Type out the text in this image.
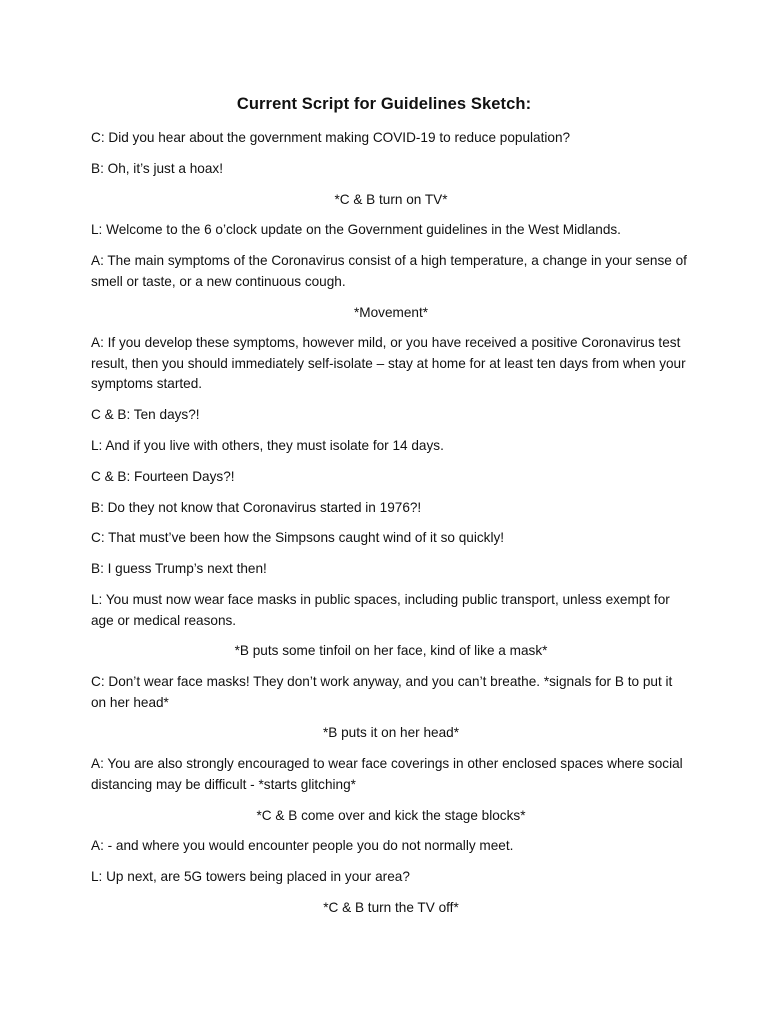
Current Script for Guidelines Sketch:

C: Did you hear about the government making COVID-19 to reduce population?

B: Oh, it’s just a hoax!

*C & B turn on TV*

L: Welcome to the 6 o’clock update on the Government guidelines in the West Midlands.

A: The main symptoms of the Coronavirus consist of a high temperature, a change in your sense of smell or taste, or a new continuous cough.

*Movement*

A: If you develop these symptoms, however mild, or you have received a positive Coronavirus test result, then you should immediately self-isolate – stay at home for at least ten days from when your symptoms started.

C & B: Ten days?!

L: And if you live with others, they must isolate for 14 days.

C & B: Fourteen Days?!

B: Do they not know that Coronavirus started in 1976?!

C: That must’ve been how the Simpsons caught wind of it so quickly!

B: I guess Trump’s next then!

L: You must now wear face masks in public spaces, including public transport, unless exempt for age or medical reasons.

*B puts some tinfoil on her face, kind of like a mask*

C: Don’t wear face masks! They don’t work anyway, and you can’t breathe. *signals for B to put it on her head*

*B puts it on her head*

A: You are also strongly encouraged to wear face coverings in other enclosed spaces where social distancing may be difficult - *starts glitching*

*C & B come over and kick the stage blocks*

A: - and where you would encounter people you do not normally meet.

L: Up next, are 5G towers being placed in your area?

*C & B turn the TV off*
